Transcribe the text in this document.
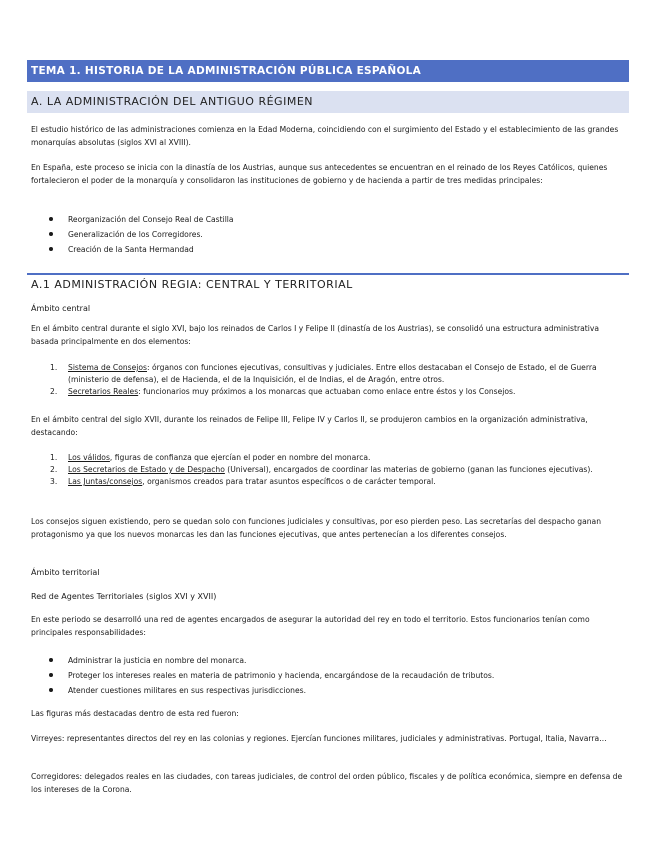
TEMA 1. HISTORIA DE LA ADMINISTRACIÓN PÚBLICA ESPAÑOLA
A. LA ADMINISTRACIÓN DEL ANTIGUO RÉGIMEN

El estudio histórico de las administraciones comienza en la Edad Moderna, coincidiendo con el surgimiento del Estado y el establecimiento de las grandes monarquías absolutas (siglos XVI al XVIII).

En España, este proceso se inicia con la dinastía de los Austrias, aunque sus antecedentes se encuentran en el reinado de los Reyes Católicos, quienes fortalecieron el poder de la monarquía y consolidaron las instituciones de gobierno y de hacienda a partir de tres medidas principales:

Reorganización del Consejo Real de Castilla
Generalización de los Corregidores.
Creación de la Santa Hermandad
A.1 ADMINISTRACIÓN REGIA: CENTRAL Y TERRITORIAL
Ámbito central

En el ámbito central durante el siglo XVI, bajo los reinados de Carlos I y Felipe II (dinastía de los Austrias), se consolidó una estructura administrativa basada principalmente en dos elementos:

1. Sistema de Consejos: órganos con funciones ejecutivas, consultivas y judiciales. Entre ellos destacaban el Consejo de Estado, el de Guerra (ministerio de defensa), el de Hacienda, el de la Inquisición, el de Indias, el de Aragón, entre otros.
2. Secretarios Reales: funcionarios muy próximos a los monarcas que actuaban como enlace entre éstos y los Consejos.

En el ámbito central del siglo XVII, durante los reinados de Felipe III, Felipe IV y Carlos II, se produjeron cambios en la organización administrativa, destacando:

1. Los válidos, figuras de confianza que ejercían el poder en nombre del monarca.
2. Los Secretarios de Estado y de Despacho (Universal), encargados de coordinar las materias de gobierno (ganan las funciones ejecutivas).
3. Las Juntas/consejos, organismos creados para tratar asuntos específicos o de carácter temporal.

Los consejos siguen existiendo, pero se quedan solo con funciones judiciales y consultivas, por eso pierden peso. Las secretarías del despacho ganan protagonismo ya que los nuevos monarcas les dan las funciones ejecutivas, que antes pertenecían a los diferentes consejos.

Ámbito territorial
Red de Agentes Territoriales (siglos XVI y XVII)

En este periodo se desarrolló una red de agentes encargados de asegurar la autoridad del rey en todo el territorio. Estos funcionarios tenían como principales responsabilidades:

Administrar la justicia en nombre del monarca.
Proteger los intereses reales en materia de patrimonio y hacienda, encargándose de la recaudación de tributos.
Atender cuestiones militares en sus respectivas jurisdicciones.

Las figuras más destacadas dentro de esta red fueron:

Virreyes: representantes directos del rey en las colonias y regiones. Ejercían funciones militares, judiciales y administrativas. Portugal, Italia, Navarra…

Corregidores: delegados reales en las ciudades, con tareas judiciales, de control del orden público, fiscales y de política económica, siempre en defensa de los intereses de la Corona.
